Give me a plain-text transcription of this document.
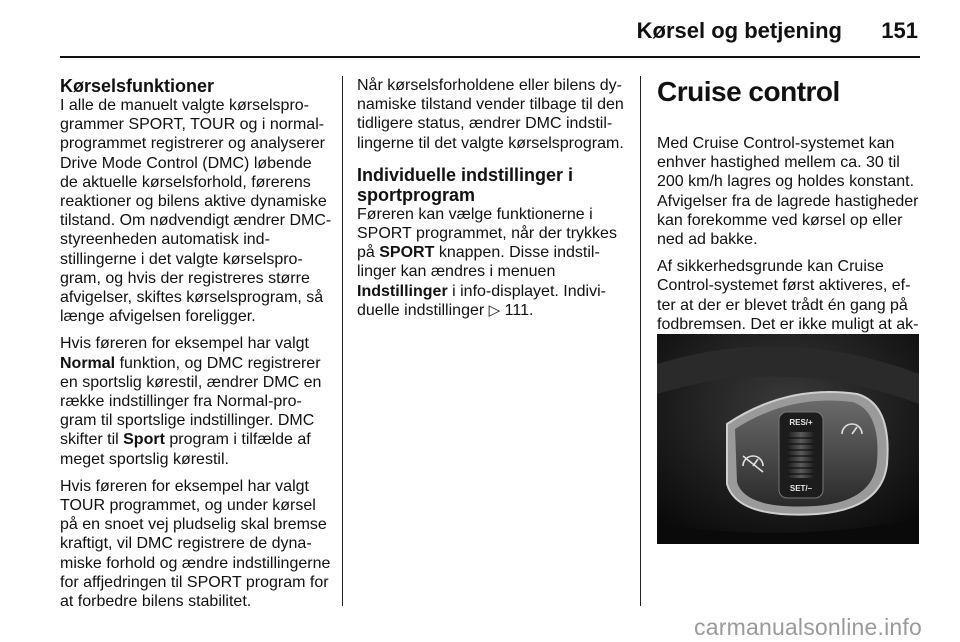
Kørsel og betjening 151
Kørselsfunktioner

I alle de manuelt valgte kørselsprogrammer SPORT, TOUR og i normalprogrammet registrerer og analyserer Drive Mode Control (DMC) løbende de aktuelle kørselsforhold, førerens reaktioner og bilens aktive dynamiske tilstand. Om nødvendigt ændrer DMC-styreenheden automatisk indstillingerne i det valgte kørselsprogram, og hvis der registreres større afvigelser, skiftes kørselsprogram, så længe afvigelsen foreligger.

Hvis føreren for eksempel har valgt Normal funktion, og DMC registrerer en sportslig kørestil, ændrer DMC en række indstillinger fra Normal-program til sportslige indstillinger. DMC skifter til Sport program i tilfælde af meget sportslig kørestil.

Hvis føreren for eksempel har valgt TOUR programmet, og under kørsel på en snoet vej pludselig skal bremse kraftigt, vil DMC registrere de dynamiske forhold og ændre indstillingerne for affjedringen til SPORT program for at forbedre bilens stabilitet.

Når kørselsforholdene eller bilens dynamiske tilstand vender tilbage til den tidligere status, ændrer DMC indstillingerne til det valgte kørselsprogram.

Individuelle indstillinger i sportprogram

Føreren kan vælge funktionerne i SPORT programmet, når der trykkes på SPORT knappen. Disse indstillinger kan ændres i menuen Indstillinger i info-displayet. Individuelle indstillinger ▷ 111.

Cruise control

Med Cruise Control-systemet kan enhver hastighed mellem ca. 30 til 200 km/h lagres og holdes konstant. Afvigelser fra de lagrede hastigheder kan forekomme ved kørsel op eller ned ad bakke.

Af sikkerhedsgrunde kan Cruise Control-systemet først aktiveres, efter at der er blevet trådt én gang på fodbremsen. Det er ikke muligt at ak

RES/+
SET/–
carmanualsonline.info
